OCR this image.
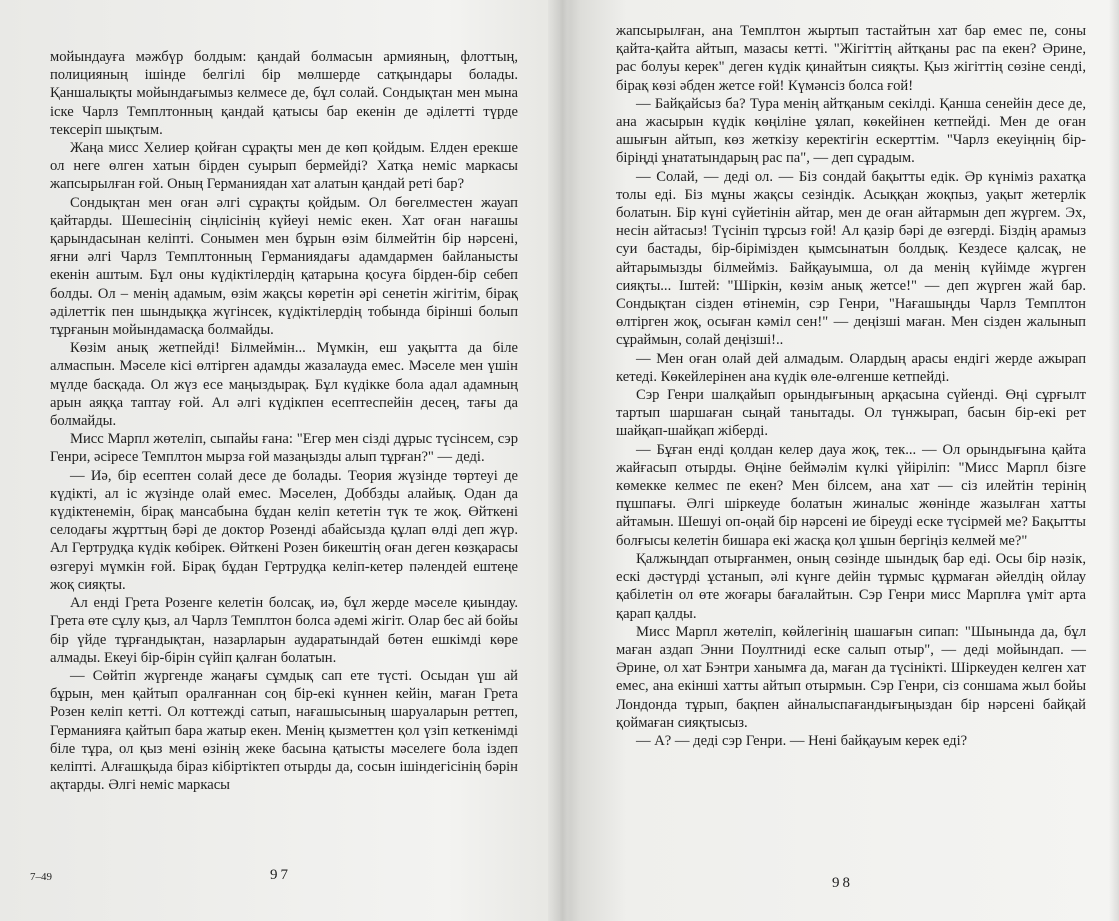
мойындауға мәжбүр болдым: қандай болмасын армияның, флоттың, полицияның ішінде белгілі бір мөлшерде сатқындары болады. Қаншалықты мойындағымыз келмесе де, бұл солай. Сондықтан мен мына іске Чарлз Темплтонның қандай қатысы бар екенін де әділетті түрде тексеріп шықтым.

Жаңа мисс Хелиер қойған сұрақты мен де көп қойдым. Елден ерекше ол неге өлген хатын бірден суырып бермейді? Хатқа неміс маркасы жапсырылған ғой. Оның Германиядан хат алатын қандай реті бар?

Сондықтан мен оған әлгі сұрақты қойдым. Ол бөгелместен жауап қайтарды. Шешесінің сіңлісінің күйеуі неміс екен. Хат оған нағашы қарындасынан келіпті. Сонымен мен бұрын өзім білмейтін бір нәрсені, яғни әлгі Чарлз Темплтонның Германиядағы адамдармен байланысты екенін аштым. Бұл оны күдіктілердің қатарына қосуға бірден-бір себеп болды. Ол – менің адамым, өзім жақсы көретін әрі сенетін жігітім, бірақ әділеттік пен шындыққа жүгінсек, күдіктілердің тобында бірінші болып тұрғанын мойындамасқа болмайды.

Көзім анық жетпейді! Білмеймін... Мүмкін, еш уақытта да біле алмаспын. Мәселе кісі өлтірген адамды жазалауда емес. Мәселе мен үшін мүлде басқада. Ол жүз есе маңыздырақ. Бұл күдікке бола адал адамның арын аяққа таптау ғой. Ал әлгі күдікпен есептеспейін десең, тағы да болмайды.

Мисс Марпл жөтеліп, сыпайы ғана: "Егер мен сізді дұрыс түсінсем, сэр Генри, әсіресе Темплтон мырза ғой мазаңызды алып тұрған?" — деді.

— Иә, бір есептен солай десе де болады. Теория жүзінде төртеуі де күдікті, ал іс жүзінде олай емес. Мәселен, Доббзды алайық. Одан да күдіктенемін, бірақ мансабына бұдан келіп кететін түк те жоқ. Өйткені селодағы жұрттың бәрі де доктор Розенді абайсызда құлап өлді деп жүр. Ал Гертрудқа күдік көбірек. Өйткені Розен бикештің оған деген көзқарасы өзгеруі мүмкін ғой. Бірақ бұдан Гертрудқа келіп-кетер пәлендей ештеңе жоқ сияқты.

Ал енді Грета Розенге келетін болсақ, иә, бұл жерде мәселе қиындау. Грета өте сұлу қыз, ал Чарлз Темплтон болса әдемі жігіт. Олар бес ай бойы бір үйде тұрғандықтан, назарларын аударатындай бөтен ешкімді көре алмады. Екеуі бір-бірін сүйіп қалған болатын.

— Сөйтіп жүргенде жаңағы сұмдық сап ете түсті. Осыдан үш ай бұрын, мен қайтып оралғаннан соң бір-екі күннен кейін, маған Грета Розен келіп кетті. Ол коттежді сатып, нағашысының шаруаларын реттеп, Германияға қайтып бара жатыр екен. Менің қызметтен қол үзіп кеткенімді біле тұра, ол қыз мені өзінің жеке басына қатысты мәселеге бола іздеп келіпті. Алғашқыда біраз кібіртіктеп отырды да, сосын ішіндегісінің бәрін ақтарды. Әлгі неміс маркасы

7–49	97

жапсырылған, ана Темплтон жыртып тастайтын хат бар емес пе, соны қайта-қайта айтып, мазасы кетті. "Жігіттің айтқаны рас па екен? Әрине, рас болуы керек" деген күдік қинайтын сияқты. Қыз жігіттің сөзіне сенді, бірақ көзі әбден жетсе ғой! Күмәнсіз болса ғой!

— Байқайсыз ба? Тура менің айтқаным секілді. Қанша сенейін десе де, ана жасырын күдік көңіліне ұялап, көкейінен кетпейді. Мен де оған ашығын айтып, көз жеткізу керектігін ескерттім. "Чарлз екеуіңнің бір-біріңді ұнататындарың рас па", — деп сұрадым.

— Солай, — деді ол. — Біз сондай бақытты едік. Әр күніміз рахатқа толы еді. Біз мұны жақсы сезіндік. Асыққан жоқпыз, уақыт жетерлік болатын. Бір күні сүйетінін айтар, мен де оған айтармын деп жүргем. Эх, несін айтасыз! Түсініп тұрсыз ғой! Ал қазір бәрі де өзгерді. Біздің арамыз суи бастады, бір-бірімізден қымсынатын болдық. Кездесе қалсақ, не айтарымызды білмейміз. Байқауымша, ол да менің күйімде жүрген сияқты... Іштей: "Шіркін, көзім анық жетсе!" — деп жүрген жай бар. Сондықтан сізден өтінемін, сэр Генри, "Нағашыңды Чарлз Темплтон өлтірген жоқ, осыған кәміл сен!" — деңізші маған. Мен сізден жалынып сұраймын, солай деңізші!..

— Мен оған олай дей алмадым. Олардың арасы ендігі жерде ажырап кетеді. Көкейлерінен ана күдік өле-өлгенше кетпейді.

Сэр Генри шалқайып орындығының арқасына сүйенді. Өңі сұрғылт тартып шаршаған сыңай танытады. Ол түнжырап, басын бір-екі рет шайқап-шайқап жіберді.

— Бұған енді қолдан келер дауа жоқ, тек... — Ол орындығына қайта жайғасып отырды. Өңіне беймәлім күлкі үйіріліп: "Мисс Марпл бізге көмекке келмес пе екен? Мен білсем, ана хат — сіз илейтін терінің пұшпағы. Әлгі шіркеуде болатын жиналыс жөнінде жазылған хатты айтамын. Шешуі оп-оңай бір нәрсені ие біреуді еске түсірмей ме? Бақытты болғысы келетін бишара екі жасқа қол ұшын бергіңіз келмей ме?"

Қалжыңдап отырғанмен, оның сөзінде шындық бар еді. Осы бір нәзік, ескі дәстүрді ұстанып, әлі күнге дейін тұрмыс құрмаған әйелдің ойлау қабілетін ол өте жоғары бағалайтын. Сэр Генри мисс Марплға үміт арта қарап қалды.

Мисс Марпл жөтеліп, көйлегінің шашағын сипап: "Шынында да, бұл маған аздап Энни Поултнидi еске салып отыр", — деді мойындап. — Әрине, ол хат Бэнтри ханымға да, маған да түсінікті. Шіркеуден келген хат емес, ана екінші хатты айтып отырмын. Сэр Генри, сіз соншама жыл бойы Лондонда тұрып, бақпен айналыспағандығыңыздан бір нәрсені байқай қоймаған сияқтысыз.

— А? — деді сэр Генри. — Нені байқауым керек еді?

98
